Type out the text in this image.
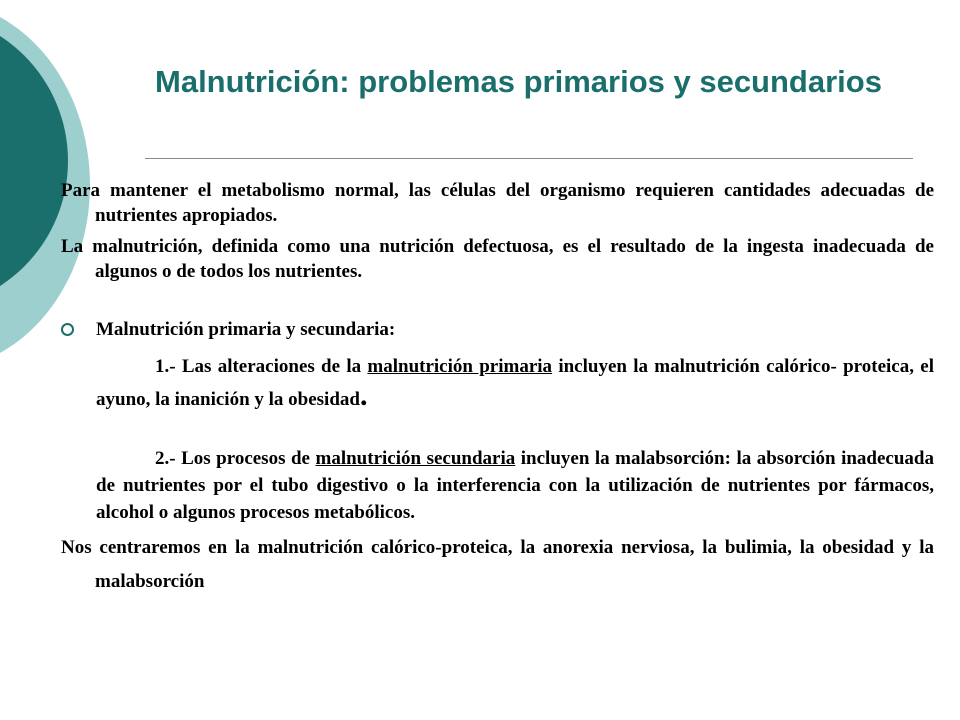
Malnutrición: problemas primarios y secundarios

Para mantener el metabolismo normal, las células del organismo requieren cantidades adecuadas de nutrientes apropiados.

La malnutrición, definida como una nutrición defectuosa, es el resultado de la ingesta inadecuada de algunos o de todos los nutrientes.

Malnutrición primaria y secundaria:
1.- Las alteraciones de la malnutrición primaria incluyen la malnutrición calórico- proteica, el ayuno, la inanición y la obesidad.
2.- Los procesos de malnutrición secundaria incluyen la malabsorción: la absorción inadecuada de nutrientes por el tubo digestivo o la interferencia con la utilización de nutrientes por fármacos, alcohol o algunos procesos metabólicos.

Nos centraremos en la malnutrición calórico-proteica, la anorexia nerviosa, la bulimia, la obesidad y la malabsorción
